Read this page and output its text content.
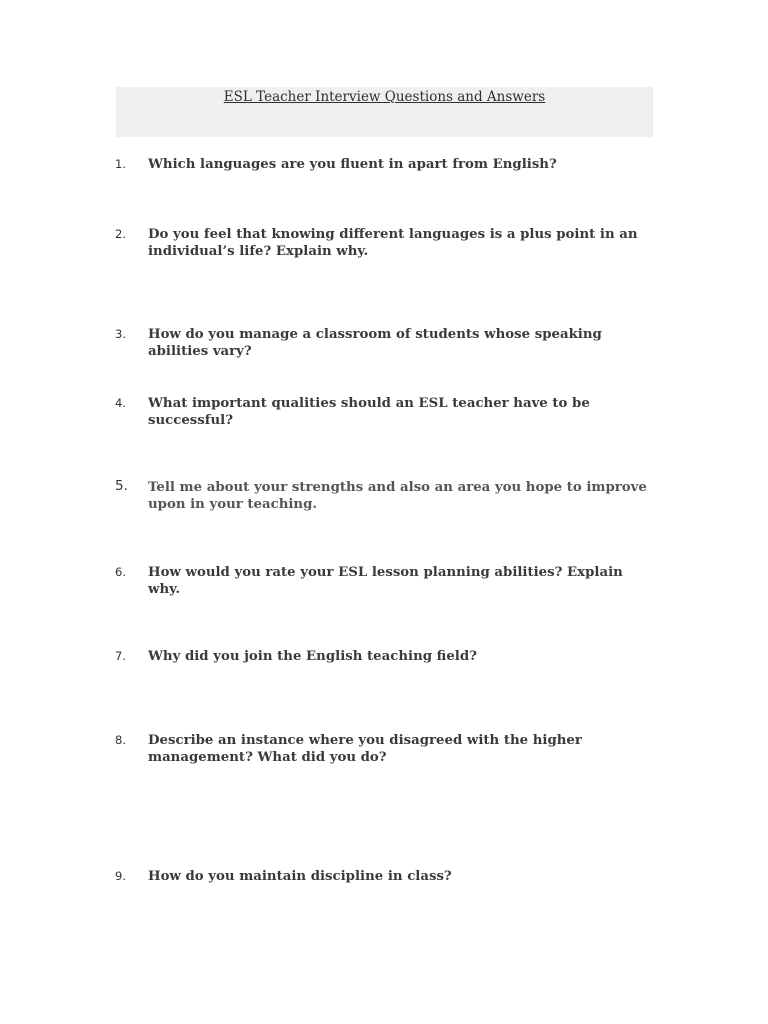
ESL Teacher Interview Questions and Answers
1. Which languages are you fluent in apart from English?

2. Do you feel that knowing different languages is a plus point in an individual’s life? Explain why.

3. How do you manage a classroom of students whose speaking abilities vary?

4. What important qualities should an ESL teacher have to be successful?

5. Tell me about your strengths and also an area you hope to improve upon in your teaching.

6. How would you rate your ESL lesson planning abilities? Explain why.

7. Why did you join the English teaching field?

8. Describe an instance where you disagreed with the higher management? What did you do?

9. How do you maintain discipline in class?
